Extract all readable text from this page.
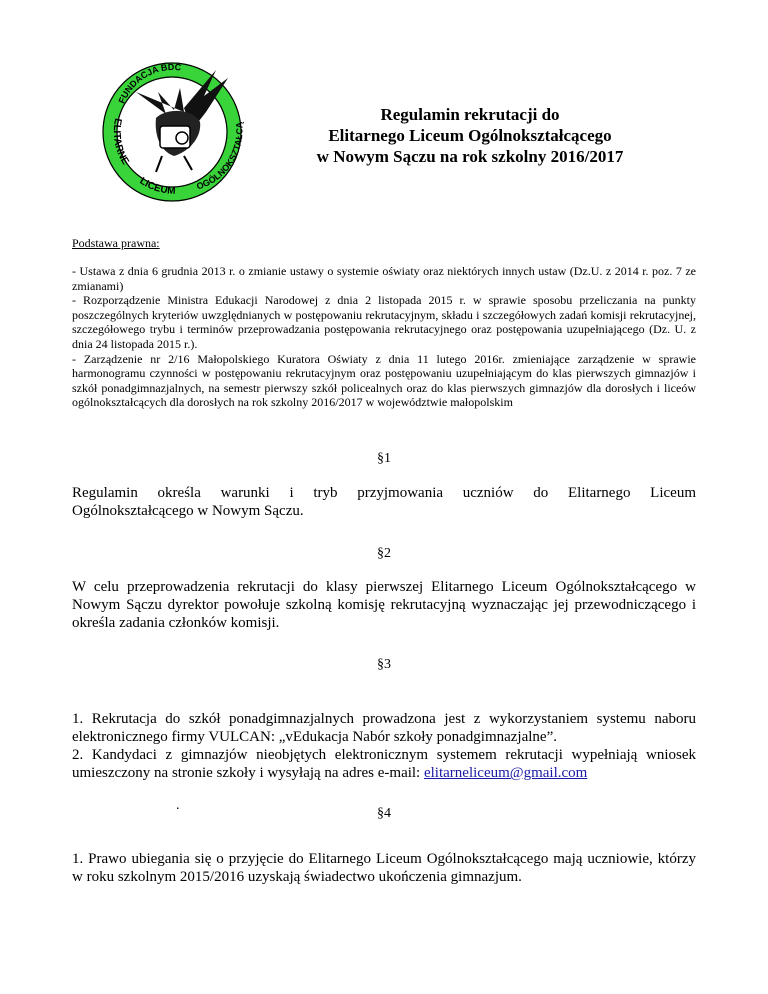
FUNDACJA BDC
ELITARNE
LICEUM	OGÓLNOKSZTAŁCĄ
Regulamin rekrutacji do
Elitarnego Liceum Ogólnokształcącego
w Nowym Sączu na rok szkolny 2016/2017
Podstawa prawna:

- Ustawa z dnia 6 grudnia 2013 r. o zmianie ustawy o systemie oświaty oraz niektórych innych ustaw (Dz.U. z 2014 r. poz. 7 ze zmianami)

- Rozporządzenie Ministra Edukacji Narodowej z dnia 2 listopada 2015 r. w sprawie sposobu przeliczania na punkty poszczególnych kryteriów uwzględnianych w postępowaniu rekrutacyjnym, składu i szczegółowych zadań komisji rekrutacyjnej, szczegółowego trybu i terminów przeprowadzania postępowania rekrutacyjnego oraz postępowania uzupełniającego (Dz. U. z dnia 24 listopada 2015 r.).

- Zarządzenie nr 2/16 Małopolskiego Kuratora Oświaty z dnia 11 lutego 2016r. zmieniające zarządzenie w sprawie harmonogramu czynności w postępowaniu rekrutacyjnym oraz postępowaniu uzupełniającym do klas pierwszych gimnazjów i szkół ponadgimnazjalnych, na semestr pierwszy szkół policealnych oraz do klas pierwszych gimnazjów dla dorosłych i liceów ogólnokształcących dla dorosłych na rok szkolny 2016/2017 w województwie małopolskim

§1

Regulamin określa warunki i tryb przyjmowania uczniów do Elitarnego Liceum

Ogólnokształcącego w Nowym Sączu.

§2
W celu przeprowadzenia rekrutacji do klasy pierwszej Elitarnego Liceum Ogólnokształcącego w Nowym Sączu dyrektor powołuje szkolną komisję rekrutacyjną wyznaczając jej przewodniczącego i określa zadania członków komisji.
§3

1. Rekrutacja do szkół ponadgimnazjalnych prowadzona jest z wykorzystaniem systemu naboru elektronicznego firmy VULCAN: „vEdukacja Nabór szkoły ponadgimnazjalne”.

2. Kandydaci z gimnazjów nieobjętych elektronicznym systemem rekrutacji wypełniają wniosek umieszczony na stronie szkoły i wysyłają na adres e-mail: elitarneliceum@gmail.com

.
§4
1. Prawo ubiegania się o przyjęcie do Elitarnego Liceum Ogólnokształcącego mają uczniowie, którzy w roku szkolnym 2015/2016 uzyskają świadectwo ukończenia gimnazjum.
